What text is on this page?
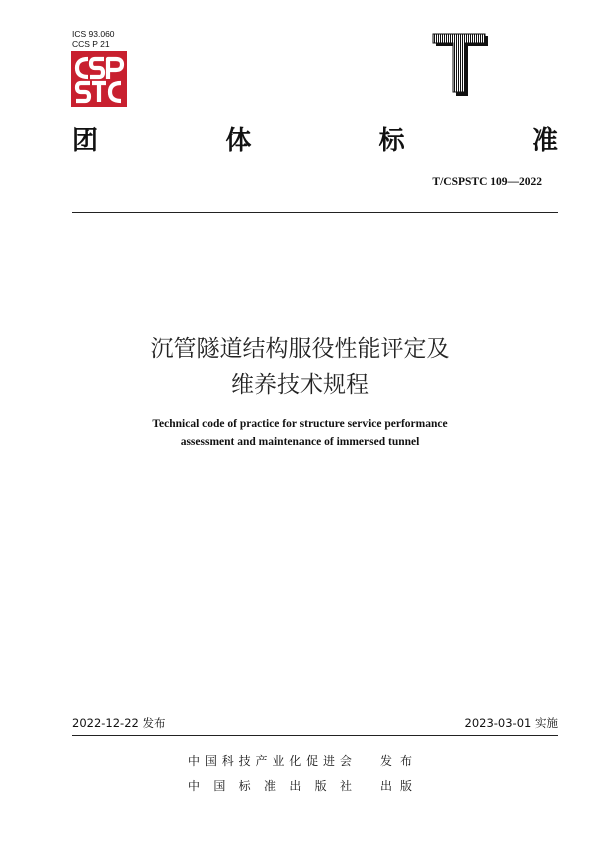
ICS 93.060
CCS P 21
团	体	标	准
T/CSPSTC 109—2022
沉管隧道结构服役性能评定及
维养技术规程
Technical code of practice for structure service performance
assessment and maintenance of immersed tunnel
2022-12-22 发布	2023-03-01 实施
中 国 科 技 产 业 化 促 进 会 发 布
中 国 标 准 出 版 社 出 版
